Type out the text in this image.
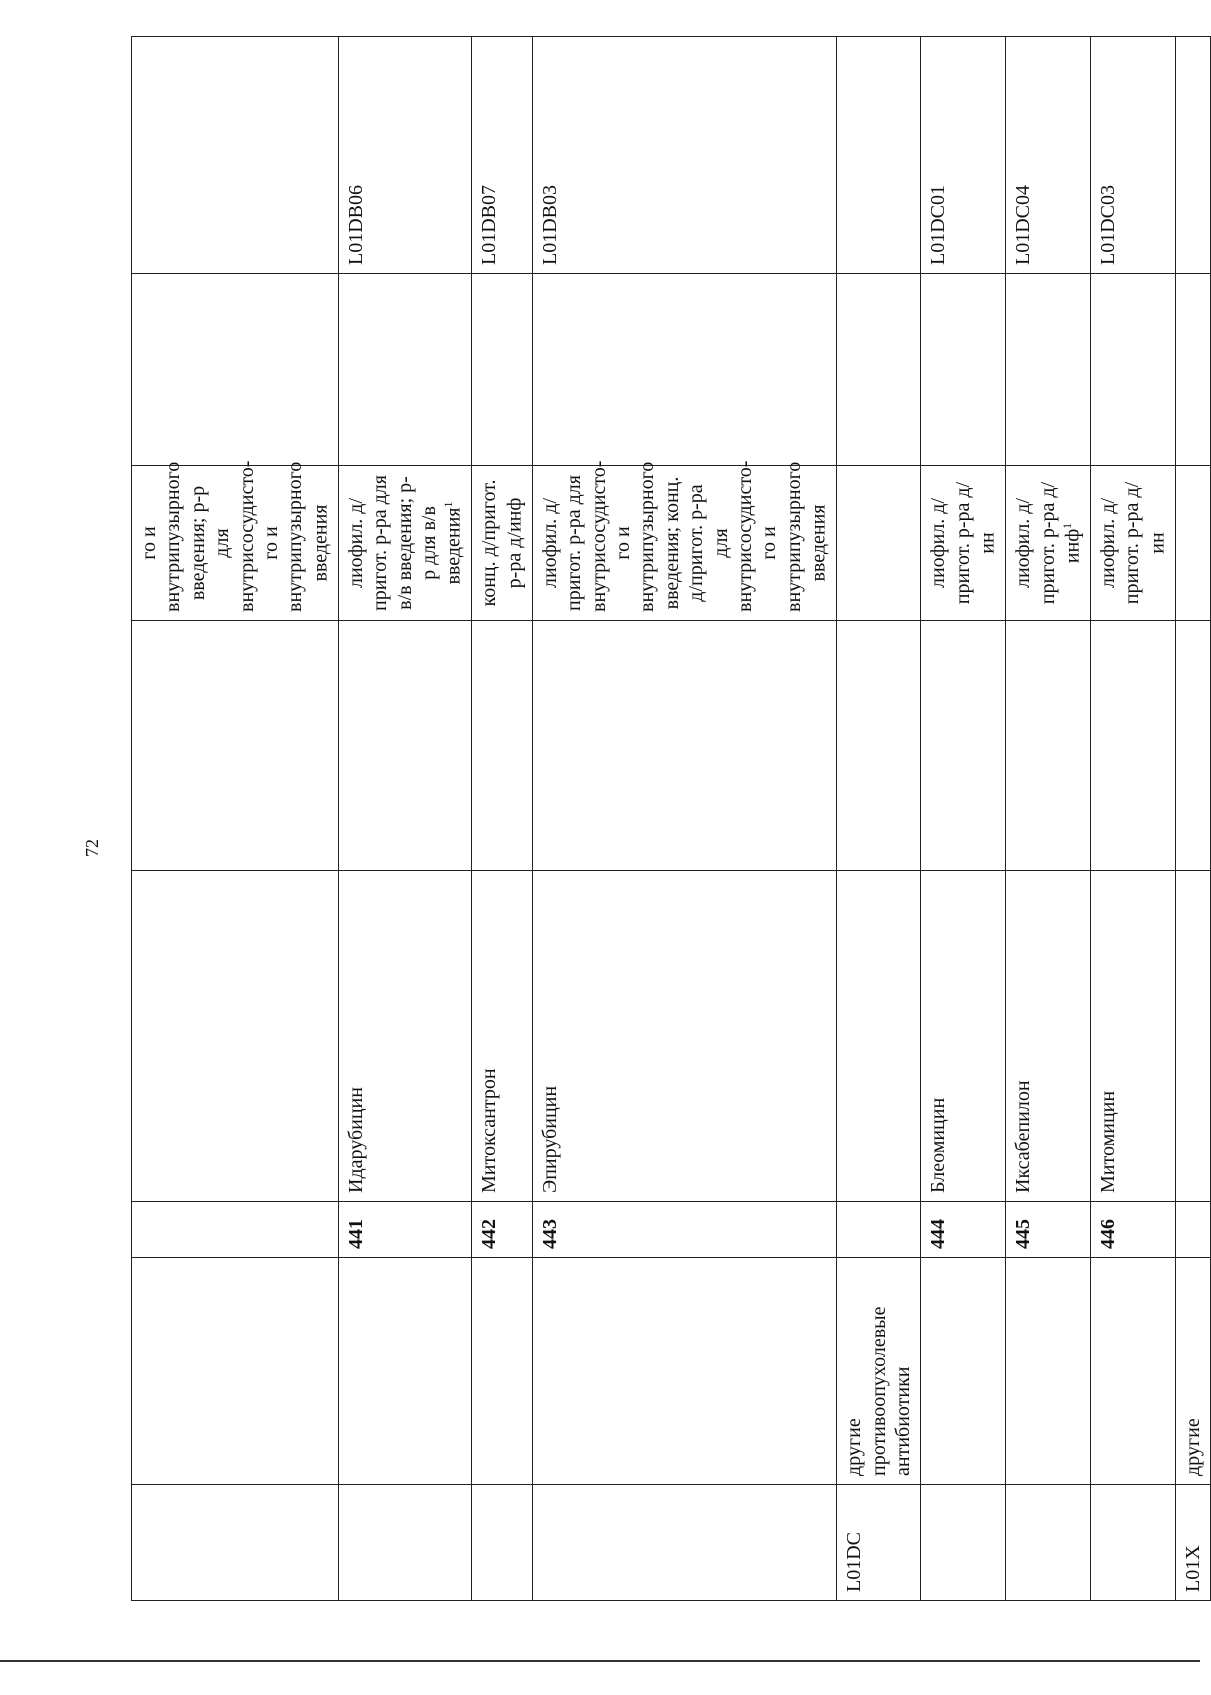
72
					го и внутрипузырного введения; р-р для внутрисосудисто-го и внутрипузырного введения		
		441	Идарубицин		лиофил. д/пригот. р-ра для в/в введения; р-р для в/в введения$^1$		L01DB06
		442	Митоксантрон		конц. д/пригот. р-ра д/инф		L01DB07
		443	Эпирубицин		лиофил. д/пригот. р-ра для внутрисосудисто-го и внутрипузырного введения; конц. д/пригот. р-ра для внутрисосудисто-го и внутрипузырного введения		L01DB03
L01DC	другие противоопухолевые антибиотики						
		444	Блеомицин		лиофил. д/пригот. р-ра д/ин		L01DC01
		445	Иксабепилон		лиофил. д/пригот. р-ра д/инф$^1$		L01DC04
		446	Митомицин		лиофил. д/пригот. р-ра д/ин		L01DC03
L01X	другие						
